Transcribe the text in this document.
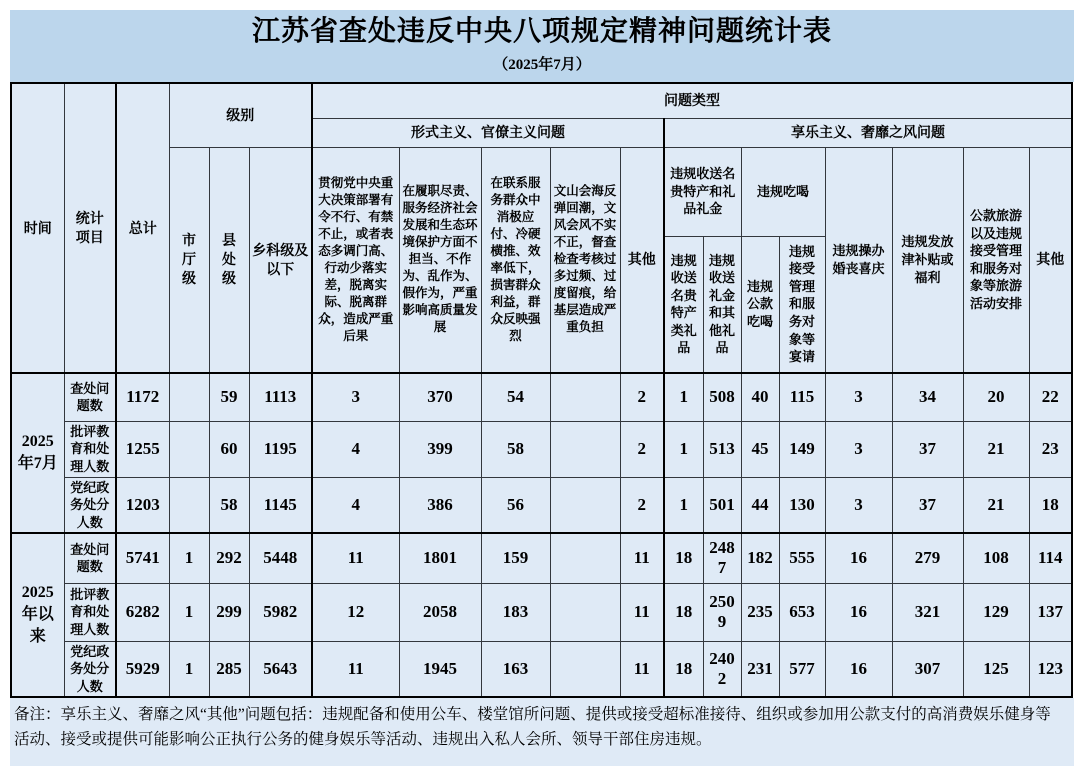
江苏省查处违反中央八项规定精神问题统计表
（2025年7月）
时间	统计项目	总计	级别			问题类型												
						形式主义、官僚主义问题					享乐主义、奢靡之风问题							
			市厅级	县处级	乡科级及以下	贯彻党中央重大决策部署有令不行、有禁不止，或者表态多调门高、行动少落实差，脱离实际、脱离群众，造成严重后果	在履职尽责、服务经济社会发展和生态环境保护方面不担当、不作为、乱作为、假作为，严重影响高质量发展	在联系服务群众中消极应付、冷硬横推、效率低下，损害群众利益，群众反映强烈	文山会海反弹回潮，文风会风不实不正，督查检查考核过多过频、过度留痕，给基层造成严重负担	其他	违规收送名贵特产和礼品礼金		违规吃喝		违规操办婚丧喜庆	违规发放津补贴或福利	公款旅游以及违规接受管理和服务对象等旅游活动安排	其他
											违规收送名贵特产类礼品	违规收送礼金和其他礼品	违规公款吃喝	违规接受管理和服务对象等宴请				
2025年7月	查处问题数	1172		59	1113	3	370	54		2	1	508	40	115	3	34	20	22
	批评教育和处理人数	1255		60	1195	4	399	58		2	1	513	45	149	3	37	21	23
	党纪政务处分人数	1203		58	1145	4	386	56		2	1	501	44	130	3	37	21	18
2025年以来	查处问题数	5741	1	292	5448	11	1801	159		11	18	2487	182	555	16	279	108	114
	批评教育和处理人数	6282	1	299	5982	12	2058	183		11	18	2509	235	653	16	321	129	137
	党纪政务处分人数	5929	1	285	5643	11	1945	163		11	18	2402	231	577	16	307	125	123
备注：享乐主义、奢靡之风“其他”问题包括：违规配备和使用公车、楼堂馆所问题、提供或接受超标准接待、组织或参加用公款支付的高消费娱乐健身等活动、接受或提供可能影响公正执行公务的健身娱乐等活动、违规出入私人会所、领导干部住房违规。
